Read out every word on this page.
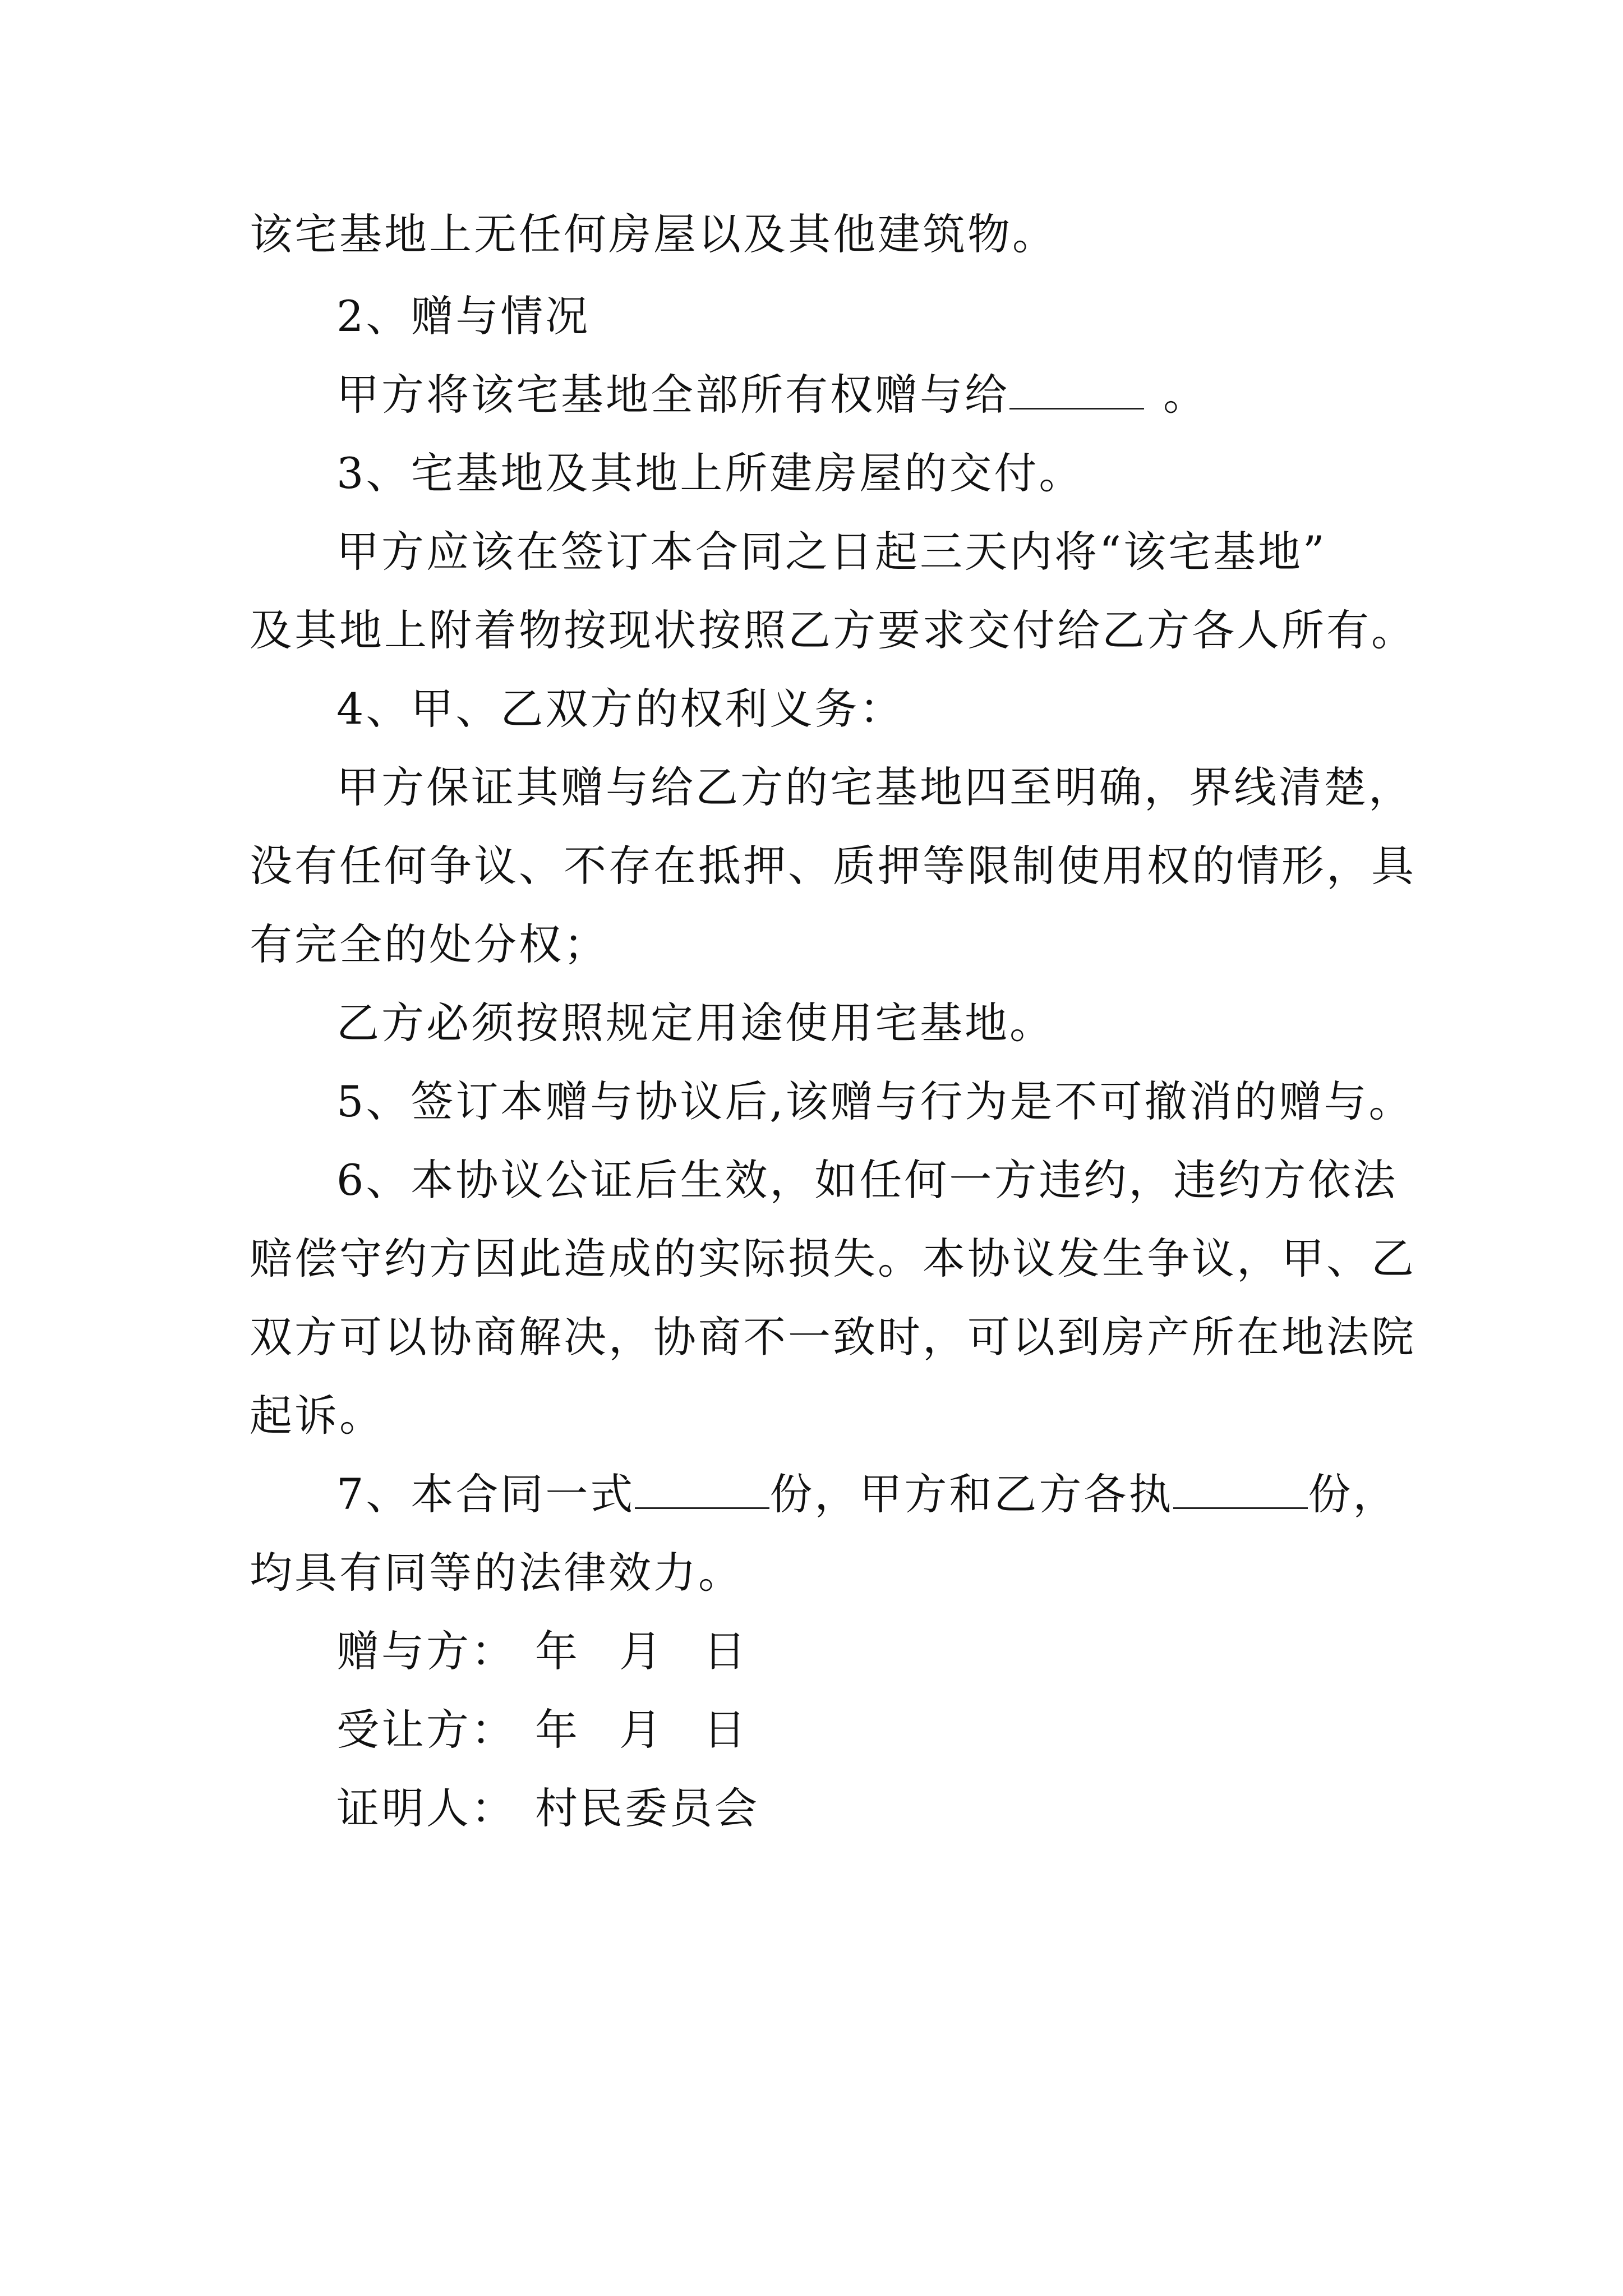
该宅基地上无任何房屋以及其他建筑物。
2、赠与情况
甲方将该宅基地全部所有权赠与给	。
3、宅基地及其地上所建房屋的交付。
甲方应该在签订本合同之日起三天内将“该宅基地”
及其地上附着物按现状按照乙方要求交付给乙方各人所有。
4、甲、乙双方的权利义务：
甲方保证其赠与给乙方的宅基地四至明确，界线清楚，
没有任何争议、不存在抵押、质押等限制使用权的情形，具
有完全的处分权；
乙方必须按照规定用途使用宅基地。
5、签订本赠与协议后,该赠与行为是不可撤消的赠与。
6、本协议公证后生效，如任何一方违约，违约方依法
赔偿守约方因此造成的实际损失。本协议发生争议，甲、乙
双方可以协商解决，协商不一致时，可以到房产所在地法院
起诉。
7、本合同一式	份，甲方和乙方各执	份，
均具有同等的法律效力。
赠与方： 年 月 日
受让方： 年 月 日
证明人： 村民委员会
